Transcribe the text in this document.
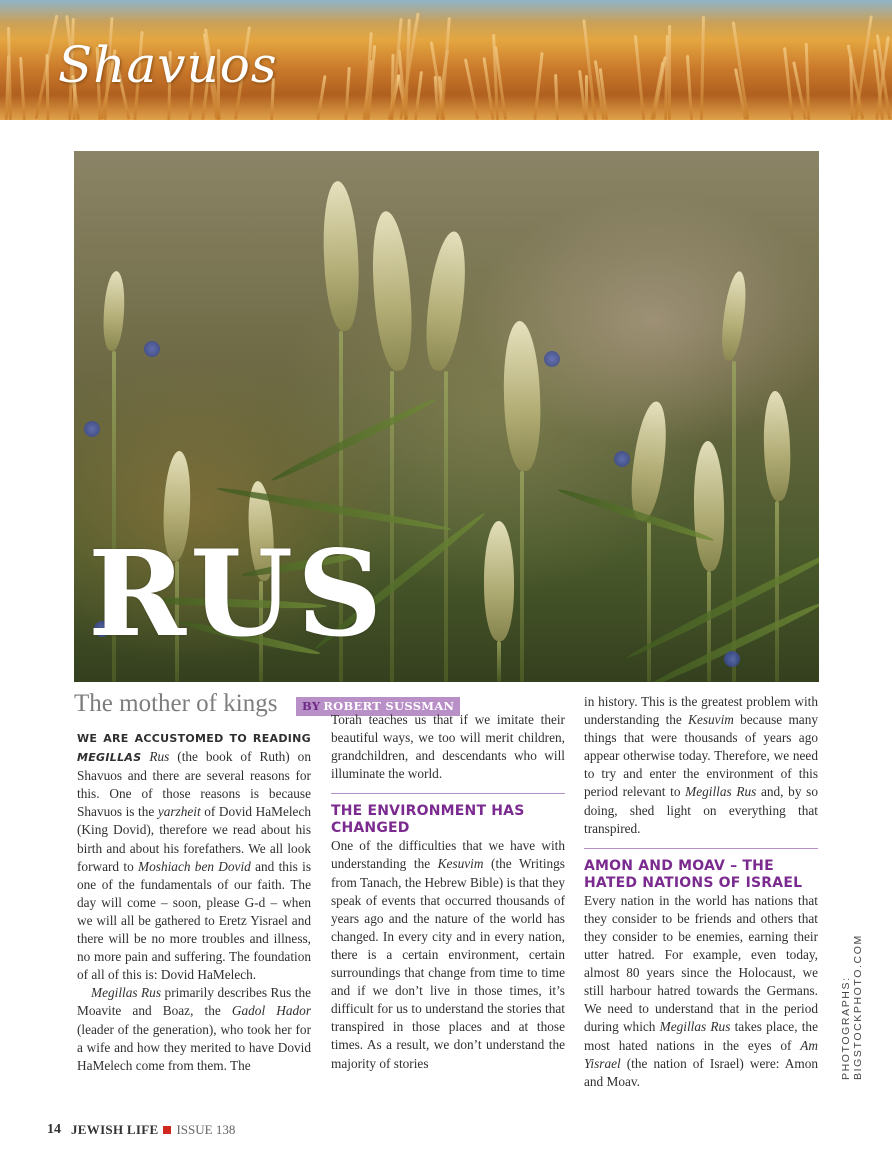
Shavuos
RUS
The mother of kings	BY ROBERT SUSSMAN

WE ARE ACCUSTOMED TO READING MEGILLAS Rus (the book of Ruth) on Shavuos and there are several reasons for this. One of those reasons is because Shavuos is the yarzheit of Dovid HaMelech (King Dovid), therefore we read about his birth and about his forefathers. We all look forward to Moshiach ben Dovid and this is one of the fundamentals of our faith. The day will come – soon, please G-d – when we will all be gathered to Eretz Yisrael and there will be no more troubles and illness, no more pain and suffering. The foundation of all of this is: Dovid HaMelech.

Megillas Rus primarily describes Rus the Moavite and Boaz, the Gadol Hador (leader of the generation), who took her for a wife and how they merited to have Dovid HaMelech come from them. The

Torah teaches us that if we imitate their beautiful ways, we too will merit children, grandchildren, and descendants who will illuminate the world.

THE ENVIRONMENT HAS CHANGED

One of the difficulties that we have with understanding the Kesuvim (the Writings from Tanach, the Hebrew Bible) is that they speak of events that occurred thousands of years ago and the nature of the world has changed. In every city and in every nation, there is a certain environment, certain surroundings that change from time to time and if we don’t live in those times, it’s difficult for us to understand the stories that transpired in those places and at those times. As a result, we don’t understand the majority of stories

in history. This is the greatest problem with understanding the Kesuvim because many things that were thousands of years ago appear otherwise today. Therefore, we need to try and enter the environment of this period relevant to Megillas Rus and, by so doing, shed light on everything that transpired.

AMON AND MOAV – THE HATED NATIONS OF ISRAEL

Every nation in the world has nations that they consider to be friends and others that they consider to be enemies, earning their utter hatred. For example, even today, almost 80 years since the Holocaust, we still harbour hatred towards the Germans. We need to understand that in the period during which Megillas Rus takes place, the most hated nations in the eyes of Am Yisrael (the nation of Israel) were: Amon and Moav.

PHOTOGRAPHS: BIGSTOCKPHOTO.COM

14 JEWISH LIFE ISSUE 138
